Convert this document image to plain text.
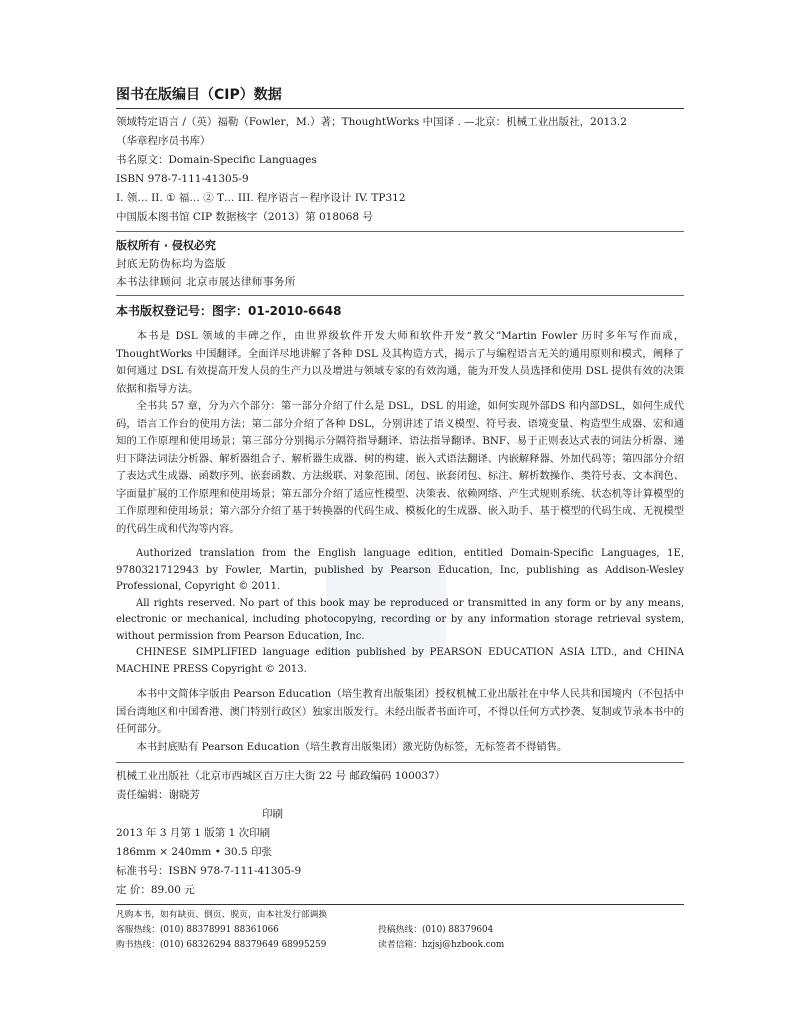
图书在版编目（CIP）数据
领域特定语言 /（英）福勒（Fowler，M.）著；ThoughtWorks 中国译 . —北京：机械工业出版社，2013.2
（华章程序员书库）
书名原文：Domain-Specific Languages
ISBN 978-7-111-41305-9
I. 领… II. ① 福… ② T… III. 程序语言－程序设计 IV. TP312
中国版本图书馆 CIP 数据核字（2013）第 018068 号
版权所有 · 侵权必究
封底无防伪标均为盗版
本书法律顾问 北京市展达律师事务所
本书版权登记号：图字：01-2010-6648

本书是 DSL 领域的丰碑之作，由世界级软件开发大师和软件开发“教父”Martin Fowler 历时多年写作而成，ThoughtWorks 中国翻译。全面详尽地讲解了各种 DSL 及其构造方式，揭示了与编程语言无关的通用原则和模式，阐释了如何通过 DSL 有效提高开发人员的生产力以及增进与领域专家的有效沟通，能为开发人员选择和使用 DSL 提供有效的决策依据和指导方法。

全书共 57 章，分为六个部分：第一部分介绍了什么是 DSL，DSL 的用途，如何实现外部DS 和内部DSL，如何生成代码，语言工作台的使用方法；第二部分介绍了各种 DSL，分别讲述了语义模型、符号表、语境变量、构造型生成器、宏和通知的工作原理和使用场景；第三部分分别揭示分隔符指导翻译、语法指导翻译、BNF、易于正则表达式表的词法分析器、递归下降法词法分析器、解析器组合子、解析器生成器、树的构建、嵌入式语法翻译、内嵌解释器、外加代码等；第四部分介绍了表达式生成器、函数序列、嵌套函数、方法级联、对象范围、闭包、嵌套闭包、标注、解析数操作、类符号表、文本润色、字面量扩展的工作原理和使用场景；第五部分介绍了适应性模型、决策表、依赖网络、产生式规则系统、状态机等计算模型的工作原理和使用场景；第六部分介绍了基于转换器的代码生成、模板化的生成器、嵌入助手、基于模型的代码生成、无视模型的代码生成和代沟等内容。

Authorized translation from the English language edition, entitled Domain-Specific Languages, 1E, 9780321712943 by Fowler, Martin, published by Pearson Education, Inc, publishing as Addison-Wesley Professional, Copyright © 2011.

All rights reserved. No part of this book may be reproduced or transmitted in any form or by any means, electronic or mechanical, including photocopying, recording or by any information storage retrieval system, without permission from Pearson Education, Inc.

CHINESE SIMPLIFIED language edition published by PEARSON EDUCATION ASIA LTD., and CHINA MACHINE PRESS Copyright © 2013.

本书中文简体字版由 Pearson Education（培生教育出版集团）授权机械工业出版社在中华人民共和国境内（不包括中国台湾地区和中国香港、澳门特别行政区）独家出版发行。未经出版者书面许可，不得以任何方式抄袭、复制或节录本书中的任何部分。

本书封底贴有 Pearson Education（培生教育出版集团）激光防伪标签，无标签者不得销售。

机械工业出版社（北京市西城区百万庄大街 22 号 邮政编码 100037）
责任编辑：谢晓芳
印刷
2013 年 3 月第 1 版第 1 次印刷
186mm × 240mm • 30.5 印张
标准书号：ISBN 978-7-111-41305-9
定 价：89.00 元
凡购本书，如有缺页、倒页、脱页，由本社发行部调换
客服热线：(010) 88378991 88361066	投稿热线：(010) 88379604
购书热线：(010) 68326294 88379649 68995259	读者信箱：hzjsj@hzbook.com
